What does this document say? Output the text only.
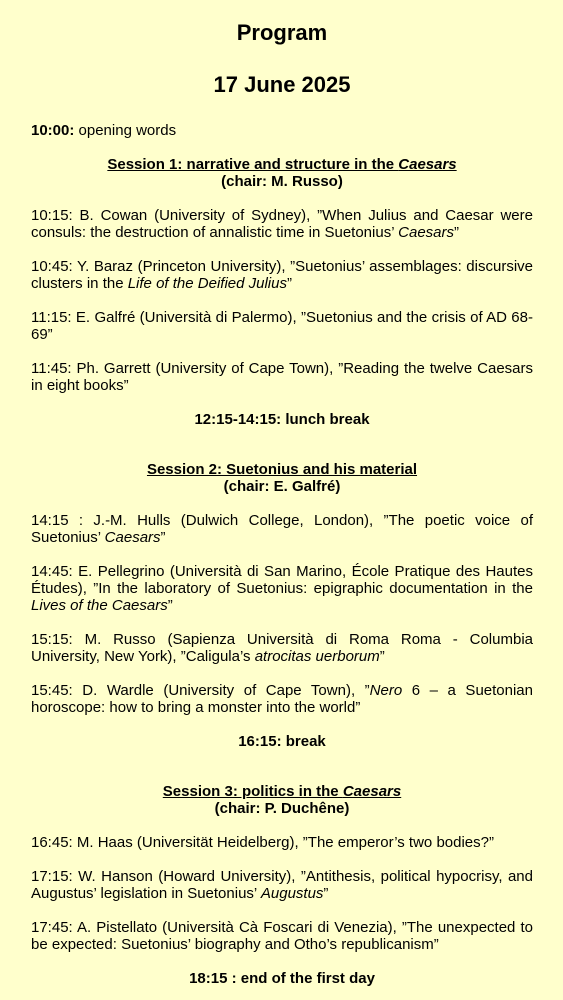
Program
17 June 2025
10:00: opening words
Session 1: narrative and structure in the Caesars
(chair: M. Russo)
10:15: B. Cowan (University of Sydney), ”When Julius and Caesar were consuls: the destruction of annalistic time in Suetonius’ Caesars”
10:45: Y. Baraz (Princeton University), ”Suetonius’ assemblages: discursive clusters in the Life of the Deified Julius”
11:15: E. Galfré (Università di Palermo), ”Suetonius and the crisis of AD 68-69”
11:45: Ph. Garrett (University of Cape Town), ”Reading the twelve Caesars in eight books”
12:15-14:15: lunch break
Session 2: Suetonius and his material
(chair: E. Galfré)
14:15 : J.-M. Hulls (Dulwich College, London), ”The poetic voice of Suetonius’ Caesars”
14:45: E. Pellegrino (Università di San Marino, École Pratique des Hautes Études), ”In the laboratory of Suetonius: epigraphic documentation in the Lives of the Caesars”
15:15: M. Russo (Sapienza Università di Roma Roma - Columbia University, New York), ”Caligula’s atrocitas uerborum”
15:45: D. Wardle (University of Cape Town), ”Nero 6 – a Suetonian horoscope: how to bring a monster into the world”
16:15: break
Session 3: politics in the Caesars
(chair: P. Duchêne)
16:45: M. Haas (Universität Heidelberg), ”The emperor’s two bodies?”
17:15: W. Hanson (Howard University), ”Antithesis, political hypocrisy, and Augustus’ legislation in Suetonius’ Augustus”
17:45: A. Pistellato (Università Cà Foscari di Venezia), ”The unexpected to be expected: Suetonius’ biography and Otho’s republicanism”
18:15 : end of the first day
